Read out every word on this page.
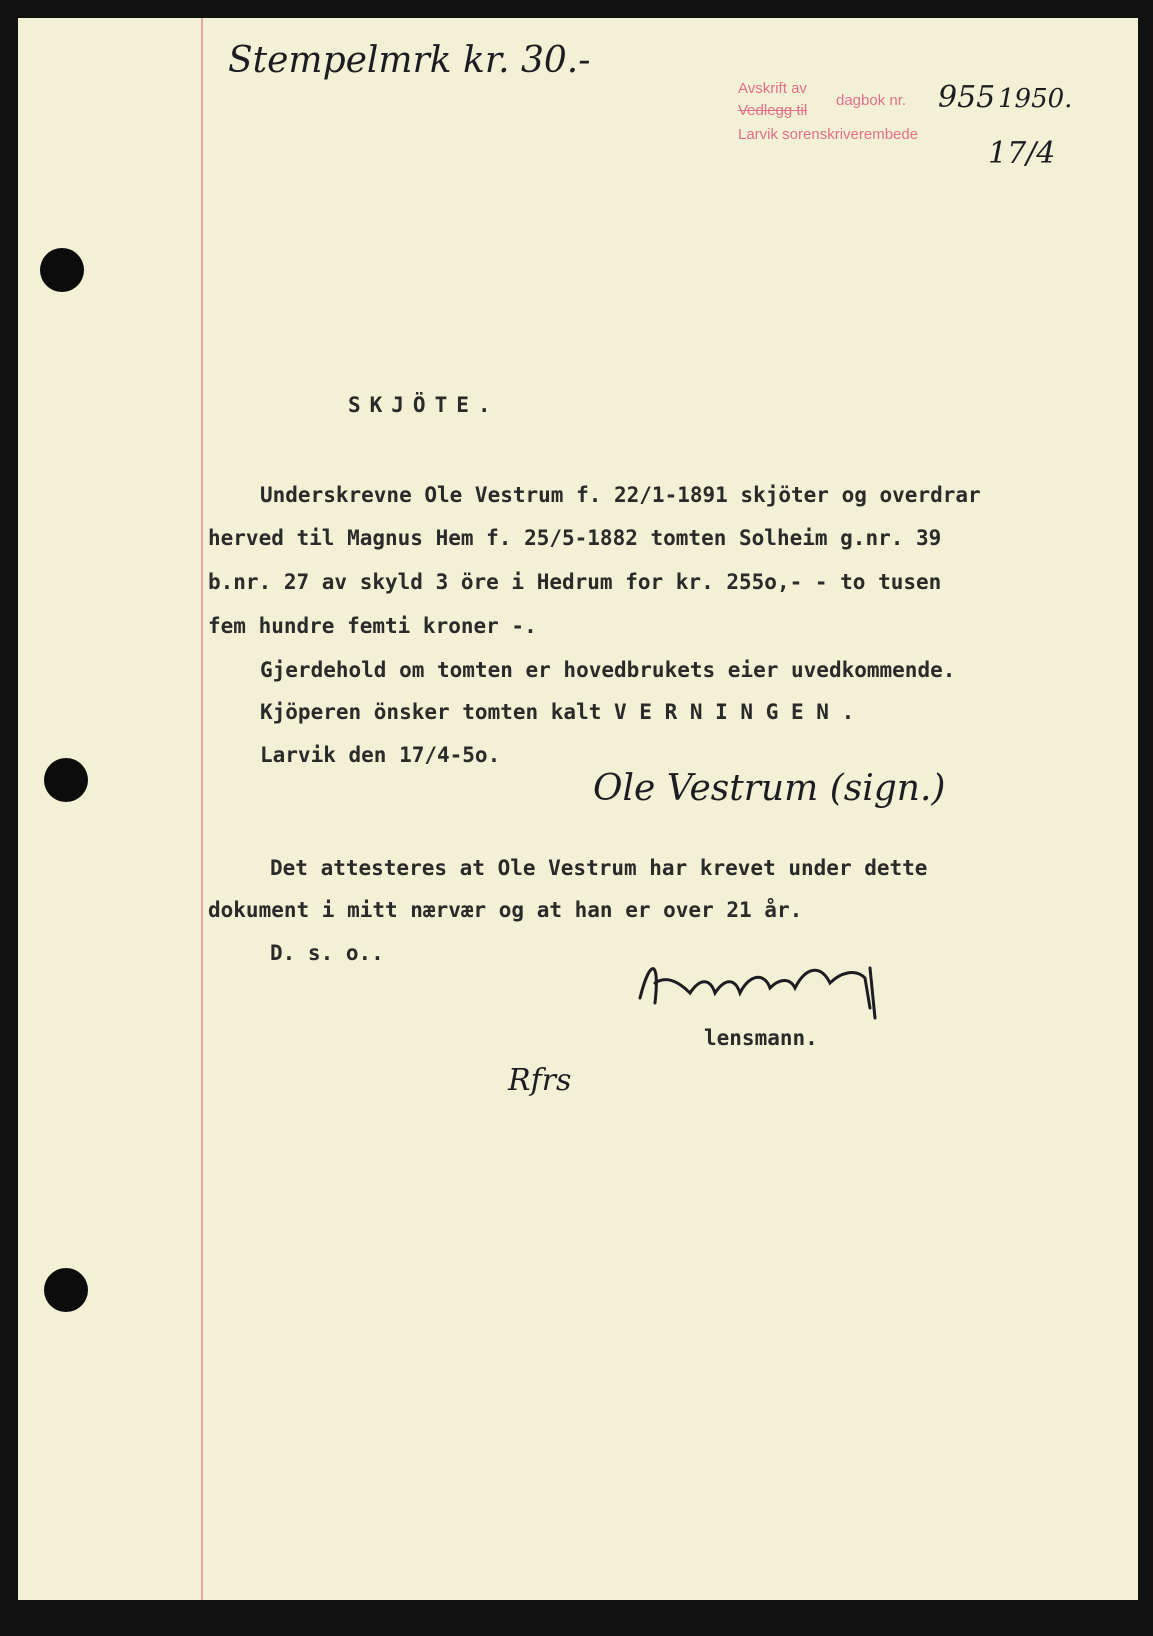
Stempelmrk kr. 30.-
Avskrift av
Vedlegg til
dagbok nr.
Larvik sorenskriverembede
955 1950.
17/4
SKJÖTE.
Underskrevne Ole Vestrum f. 22/1-1891 skjöter og overdrar
herved til Magnus Hem f. 25/5-1882 tomten Solheim g.nr. 39
b.nr. 27 av skyld 3 öre i Hedrum for kr. 255o,- - to tusen
fem hundre femti kroner -.
Gjerdehold om tomten er hovedbrukets eier uvedkommende.
Kjöperen önsker tomten kalt V E R N I N G E N .
Larvik den 17/4-5o.
Ole Vestrum (sign.)
Det attesteres at Ole Vestrum har krevet under dette
dokument i mitt nærvær og at han er over 21 år.
D. s. o..
lensmann.
Rfrs
